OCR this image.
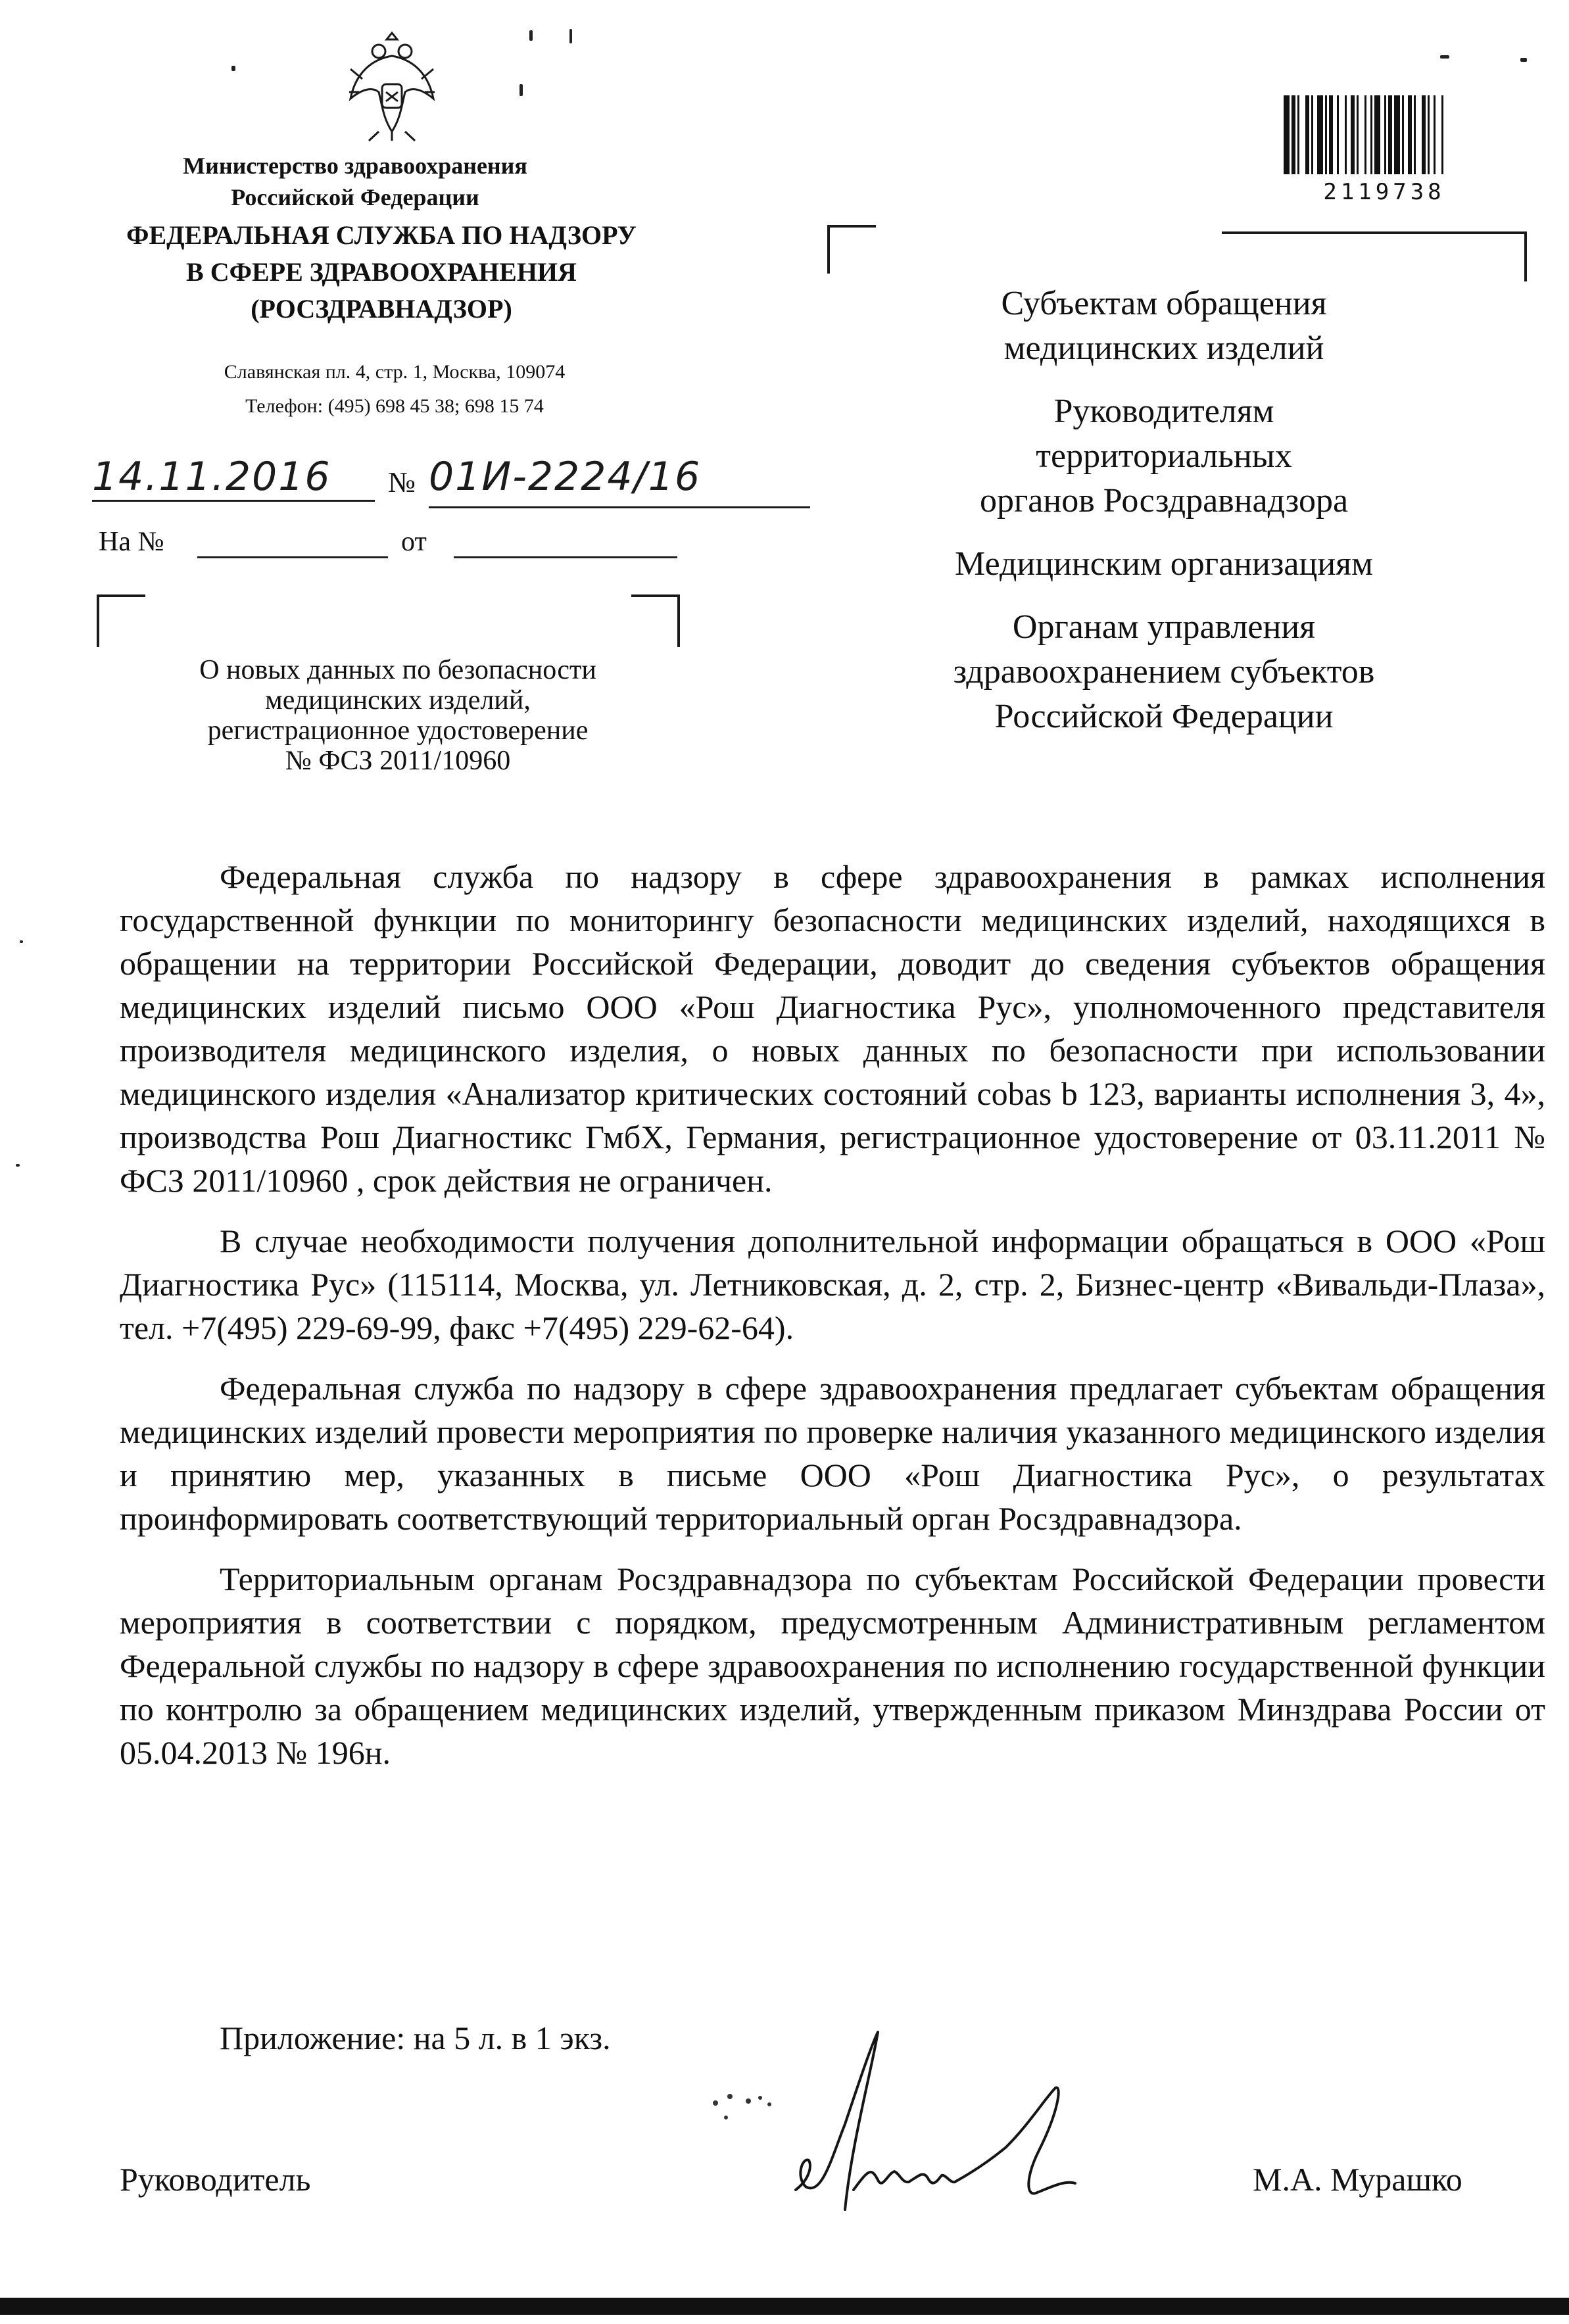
Министерство здравоохранения
Российской Федерации
ФЕДЕРАЛЬНАЯ СЛУЖБА ПО НАДЗОРУ
В СФЕРЕ ЗДРАВООХРАНЕНИЯ
(РОСЗДРАВНАДЗОР)
Славянская пл. 4, стр. 1, Москва, 109074
Телефон: (495) 698 45 38; 698 15 74
14.11.2016	№ 01И-2224/16
На №	от
О новых данных по безопасности
медицинских изделий,
регистрационное удостоверение
№ ФСЗ 2011/10960
2119738
Субъектам обращения
медицинских изделий
Руководителям
территориальных
органов Росздравнадзора
Медицинским организациям
Органам управления
здравоохранением субъектов
Российской Федерации

Федеральная служба по надзору в сфере здравоохранения в рамках исполнения государственной функции по мониторингу безопасности медицинских изделий, находящихся в обращении на территории Российской Федерации, доводит до сведения субъектов обращения медицинских изделий письмо ООО «Рош Диагностика Рус», уполномоченного представителя производителя медицинского изделия, о новых данных по безопасности при использовании медицинского изделия «Анализатор критических состояний cobas b 123, варианты исполнения 3, 4», производства Рош Диагностикс ГмбХ, Германия, регистрационное удостоверение от 03.11.2011 № ФСЗ 2011/10960 , срок действия не ограничен.

В случае необходимости получения дополнительной информации обращаться в ООО «Рош Диагностика Рус» (115114, Москва, ул. Летниковская, д. 2, стр. 2, Бизнес-центр «Вивальди-Плаза», тел. +7(495) 229-69-99, факс +7(495) 229-62-64).

Федеральная служба по надзору в сфере здравоохранения предлагает субъектам обращения медицинских изделий провести мероприятия по проверке наличия указанного медицинского изделия и принятию мер, указанных в письме ООО «Рош Диагностика Рус», о результатах проинформировать соответствующий территориальный орган Росздравнадзора.

Территориальным органам Росздравнадзора по субъектам Российской Федерации провести мероприятия в соответствии с порядком, предусмотренным Административным регламентом Федеральной службы по надзору в сфере здравоохранения по исполнению государственной функции по контролю за обращением медицинских изделий, утвержденным приказом Минздрава России от 05.04.2013 № 196н.

Приложение: на 5 л. в 1 экз.
Руководитель	М.А. Мурашко
